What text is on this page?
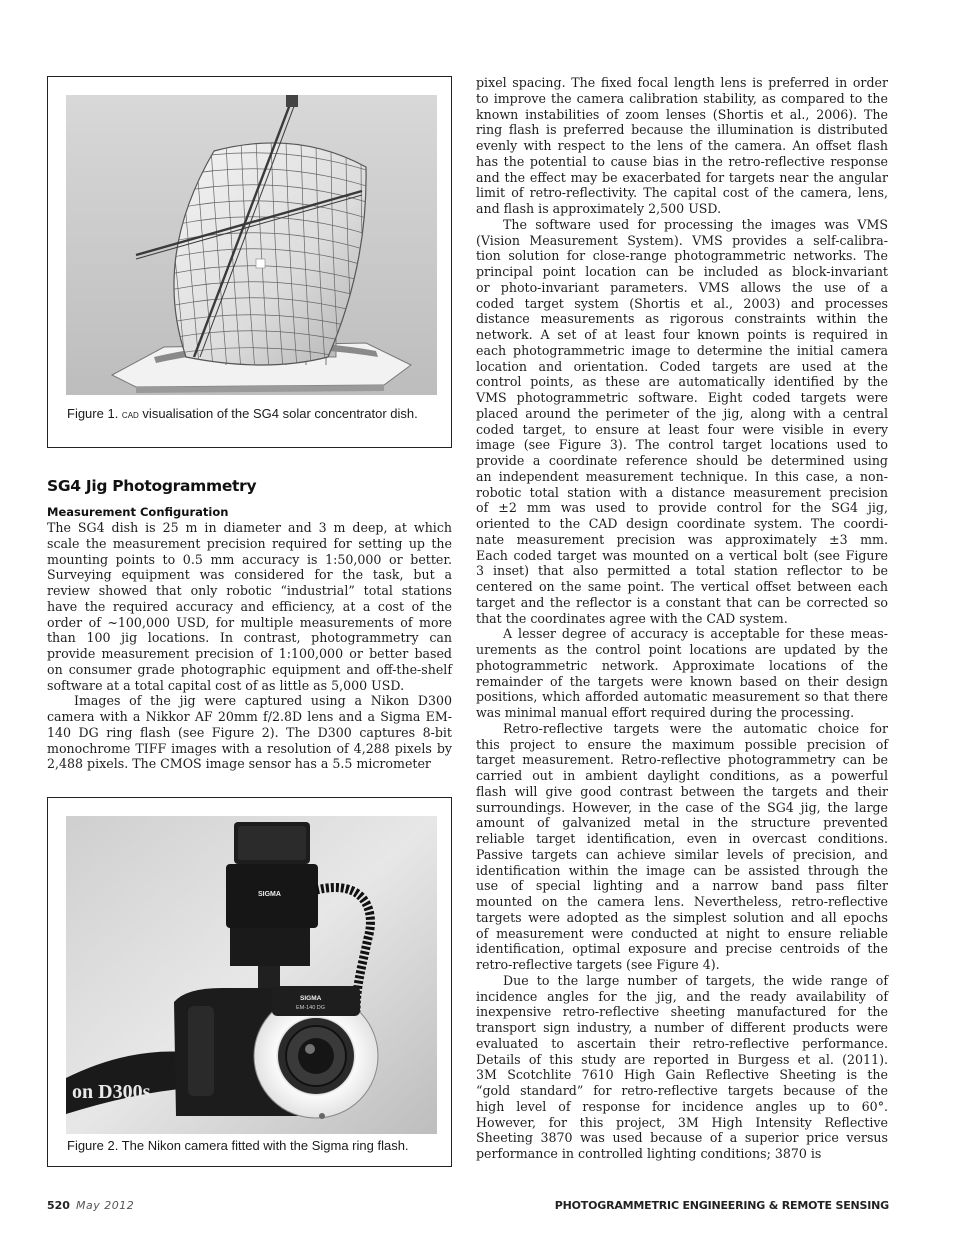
Figure 1. cad visualisation of the SG4 solar concentrator dish.
SG4 Jig Photogrammetry
Measurement Configuration
The SG4 dish is 25 m in diameter and 3 m deep, at which
scale the measurement precision required for setting up the
mounting points to 0.5 mm accuracy is 1:50,000 or better.
Surveying equipment was considered for the task, but a
review showed that only robotic “industrial” total stations
have the required accuracy and efficiency, at a cost of the
order of ~100,000 USD, for multiple measurements of more
than 100 jig locations. In contrast, photogrammetry can
provide measurement precision of 1:100,000 or better based
on consumer grade photographic equipment and off-the-shelf
software at a total capital cost of as little as 5,000 USD.
Images of the jig were captured using a Nikon D300
camera with a Nikkor AF 20mm f/2.8D lens and a Sigma EM-
140 DG ring flash (see Figure 2). The D300 captures 8-bit
monochrome TIFF images with a resolution of 4,288 pixels by
2,488 pixels. The CMOS image sensor has a 5.5 micrometer
SIGMA
on D300s
SIGMA
EM-140 DG
Figure 2. The Nikon camera fitted with the Sigma ring flash.
pixel spacing. The fixed focal length lens is preferred in order
to improve the camera calibration stability, as compared to the
known instabilities of zoom lenses (Shortis et al., 2006). The
ring flash is preferred because the illumination is distributed
evenly with respect to the lens of the camera. An offset flash
has the potential to cause bias in the retro-reflective response
and the effect may be exacerbated for targets near the angular
limit of retro-reflectivity. The capital cost of the camera, lens,
and flash is approximately 2,500 USD.
The software used for processing the images was VMS
(Vision Measurement System). VMS provides a self-calibra-
tion solution for close-range photogrammetric networks. The
principal point location can be included as block-invariant
or photo-invariant parameters. VMS allows the use of a
coded target system (Shortis et al., 2003) and processes
distance measurements as rigorous constraints within the
network. A set of at least four known points is required in
each photogrammetric image to determine the initial camera
location and orientation. Coded targets are used at the
control points, as these are automatically identified by the
VMS photogrammetric software. Eight coded targets were
placed around the perimeter of the jig, along with a central
coded target, to ensure at least four were visible in every
image (see Figure 3). The control target locations used to
provide a coordinate reference should be determined using
an independent measurement technique. In this case, a non-
robotic total station with a distance measurement precision
of ±2 mm was used to provide control for the SG4 jig,
oriented to the CAD design coordinate system. The coordi-
nate measurement precision was approximately ±3 mm.
Each coded target was mounted on a vertical bolt (see Figure
3 inset) that also permitted a total station reflector to be
centered on the same point. The vertical offset between each
target and the reflector is a constant that can be corrected so
that the coordinates agree with the CAD system.
A lesser degree of accuracy is acceptable for these meas-
urements as the control point locations are updated by the
photogrammetric network. Approximate locations of the
remainder of the targets were known based on their design
positions, which afforded automatic measurement so that there
was minimal manual effort required during the processing.
Retro-reflective targets were the automatic choice for
this project to ensure the maximum possible precision of
target measurement. Retro-reflective photogrammetry can be
carried out in ambient daylight conditions, as a powerful
flash will give good contrast between the targets and their
surroundings. However, in the case of the SG4 jig, the large
amount of galvanized metal in the structure prevented
reliable target identification, even in overcast conditions.
Passive targets can achieve similar levels of precision, and
identification within the image can be assisted through the
use of special lighting and a narrow band pass filter
mounted on the camera lens. Nevertheless, retro-reflective
targets were adopted as the simplest solution and all epochs
of measurement were conducted at night to ensure reliable
identification, optimal exposure and precise centroids of the
retro-reflective targets (see Figure 4).
Due to the large number of targets, the wide range of
incidence angles for the jig, and the ready availability of
inexpensive retro-reflective sheeting manufactured for the
transport sign industry, a number of different products were
evaluated to ascertain their retro-reflective performance.
Details of this study are reported in Burgess et al. (2011).
3M Scotchlite 7610 High Gain Reflective Sheeting is the
“gold standard” for retro-reflective targets because of the
high level of response for incidence angles up to 60°.
However, for this project, 3M High Intensity Reflective
Sheeting 3870 was used because of a superior price versus
performance in controlled lighting conditions; 3870 is
520 May 2012	PHOTOGRAMMETRIC ENGINEERING & REMOTE SENSING
